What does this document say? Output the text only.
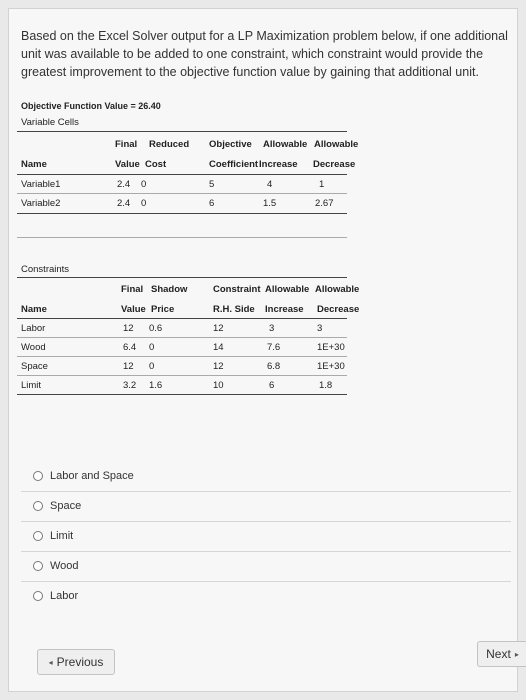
Based on the Excel Solver output for a LP Maximization problem below, if one additional unit was available to be added to one constraint, which constraint would provide the greatest improvement to the objective function value by gaining that additional unit.

Objective Function Value = 26.40
Variable Cells
Final Reduced Objective Allowable Allowable
Name	Value Cost	Coefficient Increase Decrease
Variable1	2.4 0	5	4	1
Variable2	2.4 0	6	1.5	2.67
Constraints
Final Shadow	Constraint Allowable Allowable
Name	Value Price	R.H. Side Increase Decrease
Labor	12 0.6	12	3	3
Wood	6.4 0	14	7.6	1E+30
Space	12 0	12	6.8	1E+30
Limit	3.2 1.6	10	6	1.8
Labor and Space
Space
Limit
Wood
Labor
◂ Previous
Next ▸
